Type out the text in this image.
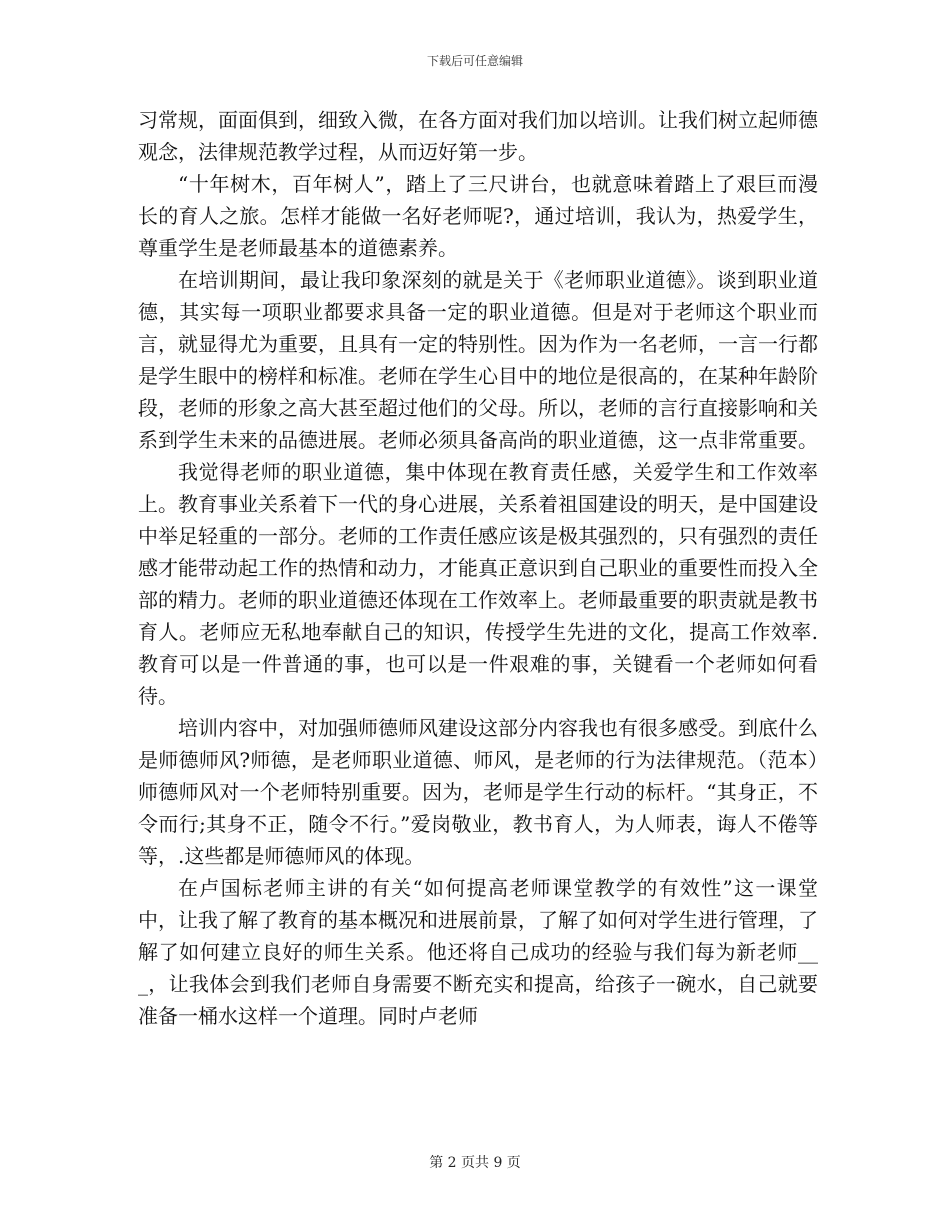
下载后可任意编辑

习常规，面面俱到，细致入微，在各方面对我们加以培训。让我们树立起师德观念，法律规范教学过程，从而迈好第一步。

“十年树木，百年树人”，踏上了三尺讲台，也就意味着踏上了艰巨而漫长的育人之旅。怎样才能做一名好老师呢?，通过培训，我认为，热爱学生，尊重学生是老师最基本的道德素养。

在培训期间，最让我印象深刻的就是关于《老师职业道德》。谈到职业道德，其实每一项职业都要求具备一定的职业道德。但是对于老师这个职业而言，就显得尤为重要，且具有一定的特别性。因为作为一名老师，一言一行都是学生眼中的榜样和标准。老师在学生心目中的地位是很高的，在某种年龄阶段，老师的形象之高大甚至超过他们的父母。所以，老师的言行直接影响和关系到学生未来的品德进展。老师必须具备高尚的职业道德，这一点非常重要。

我觉得老师的职业道德，集中体现在教育责任感，关爱学生和工作效率上。教育事业关系着下一代的身心进展，关系着祖国建设的明天，是中国建设中举足轻重的一部分。老师的工作责任感应该是极其强烈的，只有强烈的责任感才能带动起工作的热情和动力，才能真正意识到自己职业的重要性而投入全部的精力。老师的职业道德还体现在工作效率上。老师最重要的职责就是教书育人。老师应无私地奉献自己的知识，传授学生先进的文化，提高工作效率.教育可以是一件普通的事，也可以是一件艰难的事，关键看一个老师如何看待。

培训内容中，对加强师德师风建设这部分内容我也有很多感受。到底什么是师德师风?师德，是老师职业道德、师风，是老师的行为法律规范。（范本）师德师风对一个老师特别重要。因为，老师是学生行动的标杆。“其身正，不令而行;其身不正，随令不行。”爱岗敬业，教书育人，为人师表，诲人不倦等等，.这些都是师德师风的体现。

在卢国标老师主讲的有关“如何提高老师课堂教学的有效性”这一课堂中，让我了解了教育的基本概况和进展前景，了解了如何对学生进行管理，了解了如何建立良好的师生关系。他还将自己成功的经验与我们每为新老师___，让我体会到我们老师自身需要不断充实和提高，给孩子一碗水，自己就要准备一桶水这样一个道理。同时卢老师

第 2 页共 9 页
